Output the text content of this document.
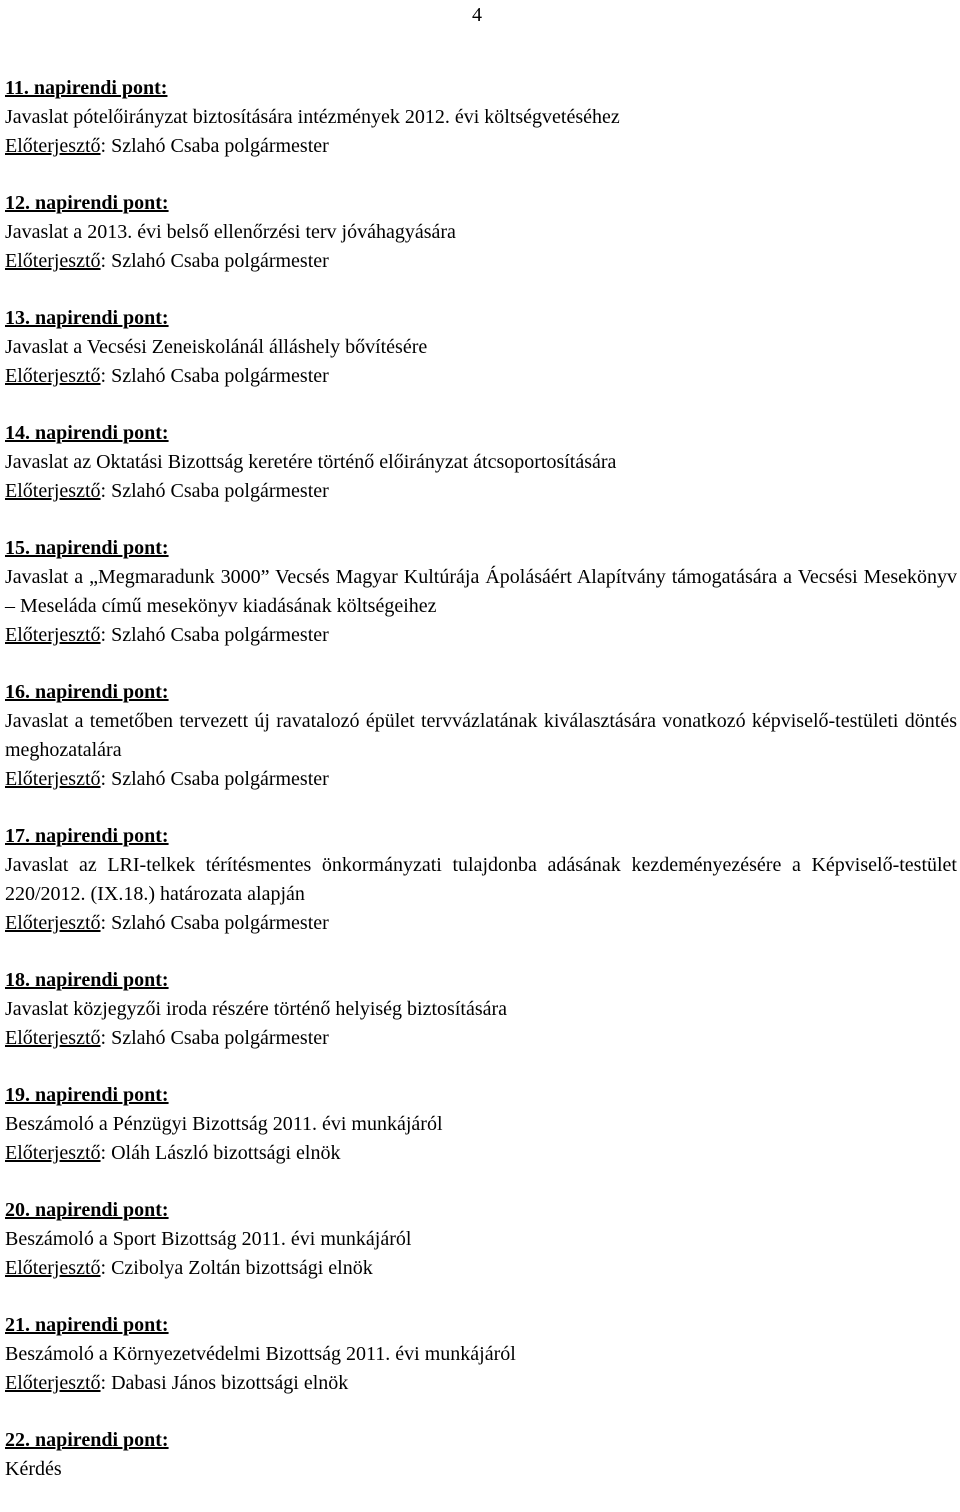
4
11. napirendi pont:
Javaslat pótelőirányzat biztosítására intézmények 2012. évi költségvetéséhez
Előterjesztő: Szlahó Csaba polgármester
12. napirendi pont:
Javaslat a 2013. évi belső ellenőrzési terv jóváhagyására
Előterjesztő: Szlahó Csaba polgármester
13. napirendi pont:
Javaslat a Vecsési Zeneiskolánál álláshely bővítésére
Előterjesztő: Szlahó Csaba polgármester
14. napirendi pont:
Javaslat az Oktatási Bizottság keretére történő előirányzat átcsoportosítására
Előterjesztő: Szlahó Csaba polgármester
15. napirendi pont:
Javaslat a „Megmaradunk 3000” Vecsés Magyar Kultúrája Ápolásáért Alapítvány támogatására a Vecsési Mesekönyv – Meseláda című mesekönyv kiadásának költségeihez
Előterjesztő: Szlahó Csaba polgármester
16. napirendi pont:
Javaslat a temetőben tervezett új ravatalozó épület tervvázlatának kiválasztására vonatkozó képviselő-testületi döntés meghozatalára
Előterjesztő: Szlahó Csaba polgármester
17. napirendi pont:
Javaslat az LRI-telkek térítésmentes önkormányzati tulajdonba adásának kezdeményezésére a Képviselő-testület 220/2012. (IX.18.) határozata alapján
Előterjesztő: Szlahó Csaba polgármester
18. napirendi pont:
Javaslat közjegyzői iroda részére történő helyiség biztosítására
Előterjesztő: Szlahó Csaba polgármester
19. napirendi pont:
Beszámoló a Pénzügyi Bizottság 2011. évi munkájáról
Előterjesztő: Oláh László bizottsági elnök
20. napirendi pont:
Beszámoló a Sport Bizottság 2011. évi munkájáról
Előterjesztő: Czibolya Zoltán bizottsági elnök
21. napirendi pont:
Beszámoló a Környezetvédelmi Bizottság 2011. évi munkájáról
Előterjesztő: Dabasi János bizottsági elnök
22. napirendi pont:
Kérdés
